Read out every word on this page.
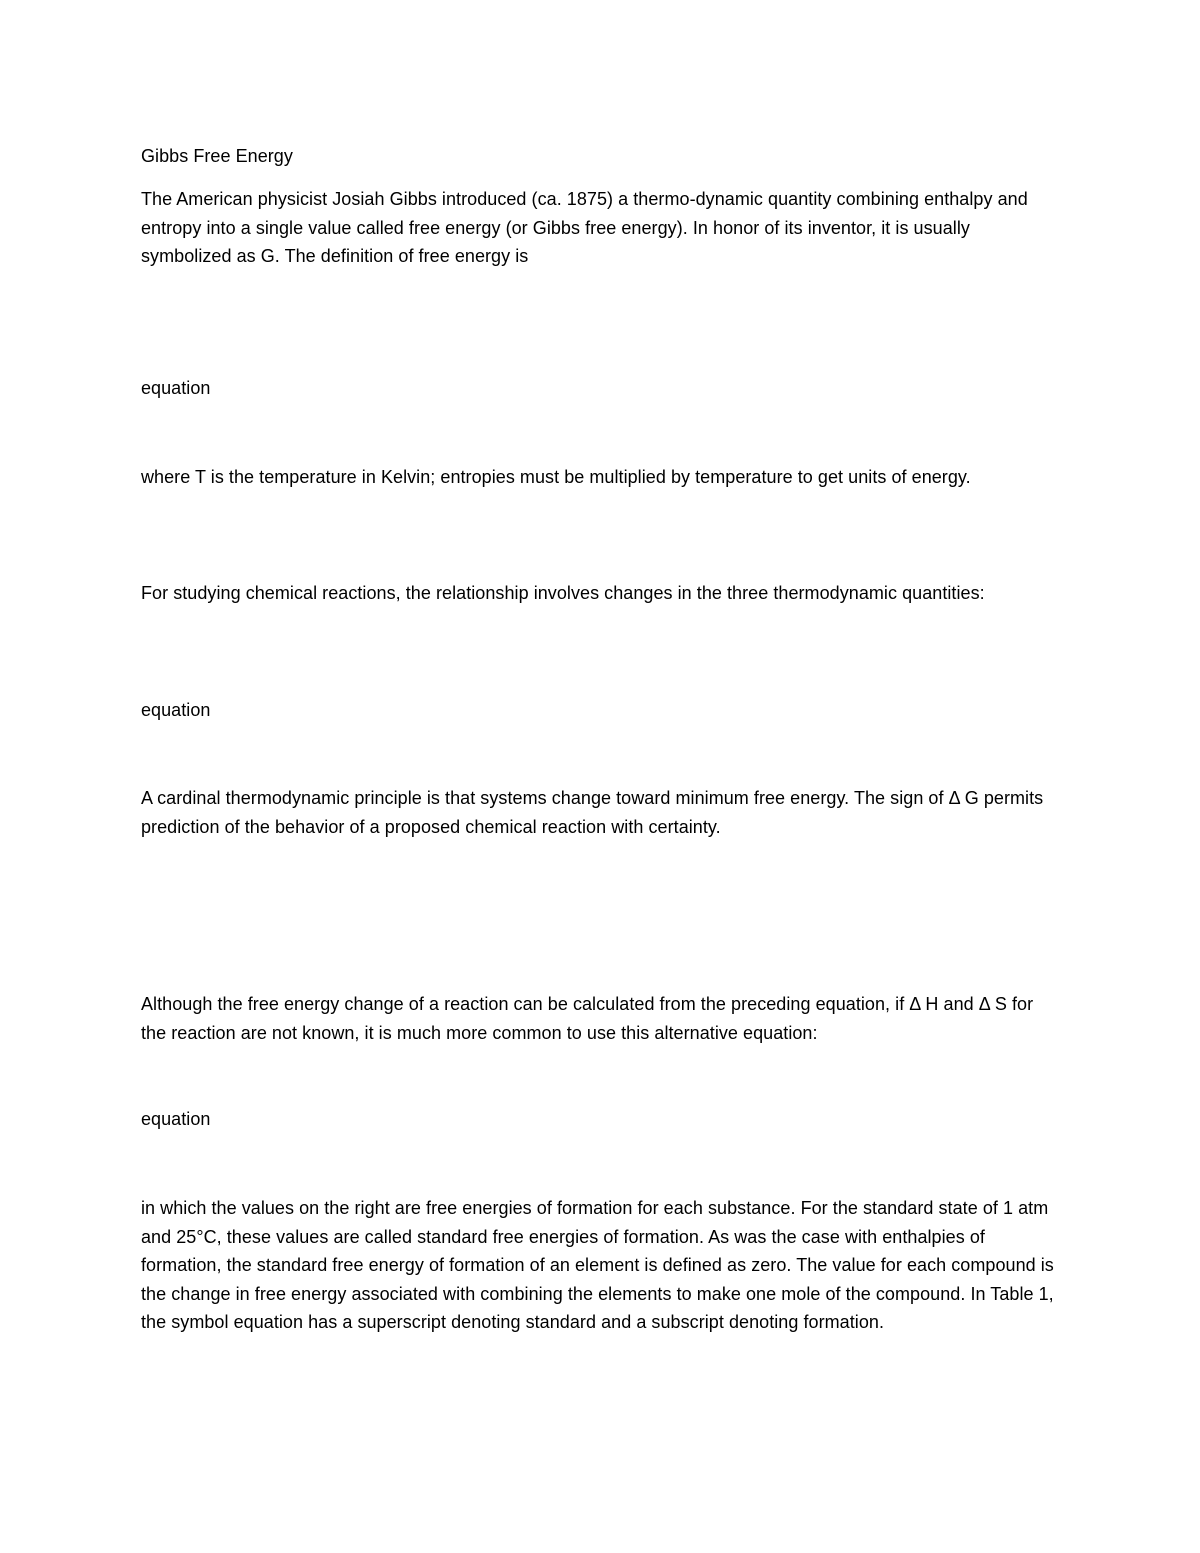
Gibbs Free Energy

The American physicist Josiah Gibbs introduced (ca. 1875) a thermo-dynamic quantity combining enthalpy and entropy into a single value called free energy (or Gibbs free energy). In honor of its inventor, it is usually symbolized as G. The definition of free energy is

equation

where T is the temperature in Kelvin; entropies must be multiplied by temperature to get units of energy.

For studying chemical reactions, the relationship involves changes in the three thermodynamic quantities:

equation

A cardinal thermodynamic principle is that systems change toward minimum free energy. The sign of Δ G permits prediction of the behavior of a proposed chemical reaction with certainty.

Although the free energy change of a reaction can be calculated from the preceding equation, if Δ H and Δ S for the reaction are not known, it is much more common to use this alternative equation:

equation

in which the values on the right are free energies of formation for each substance. For the standard state of 1 atm and 25°C, these values are called standard free energies of formation. As was the case with enthalpies of formation, the standard free energy of formation of an element is defined as zero. The value for each compound is the change in free energy associated with combining the elements to make one mole of the compound. In Table 1, the symbol equation has a superscript denoting standard and a subscript denoting formation.
